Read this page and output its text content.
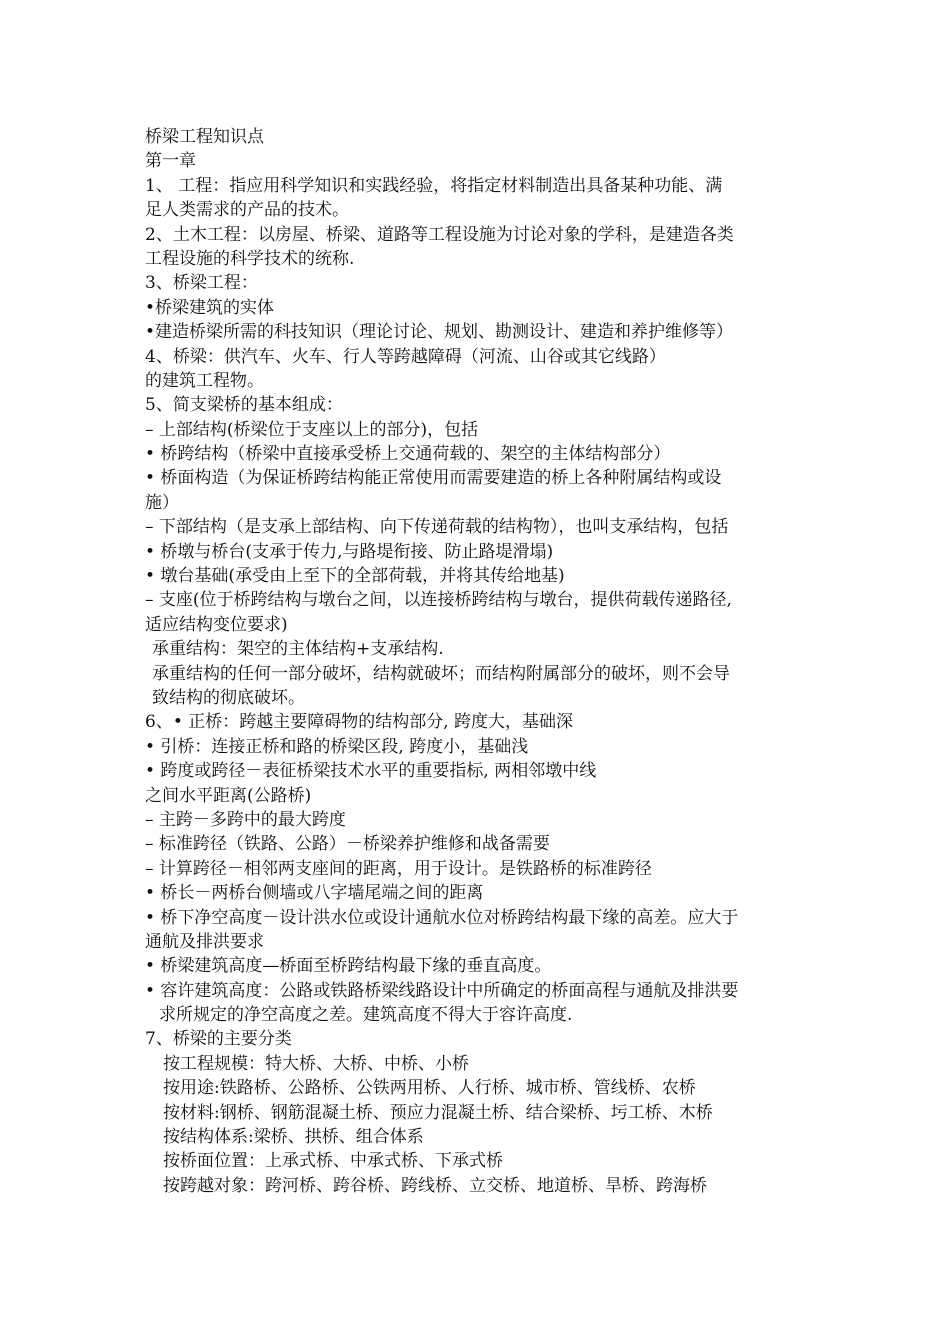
桥梁工程知识点
第一章
1、 工程：指应用科学知识和实践经验，将指定材料制造出具备某种功能、满
足人类需求的产品的技术。
2、土木工程：以房屋、桥梁、道路等工程设施为讨论对象的学科，是建造各类
工程设施的科学技术的统称.
3、桥梁工程：
•桥梁建筑的实体
•建造桥梁所需的科技知识（理论讨论、规划、勘测设计、建造和养护维修等）
4、桥梁：供汽车、火车、行人等跨越障碍（河流、山谷或其它线路）
的建筑工程物。
5、简支梁桥的基本组成：
– 上部结构(桥梁位于支座以上的部分)，包括
• 桥跨结构（桥梁中直接承受桥上交通荷载的、架空的主体结构部分）
• 桥面构造（为保证桥跨结构能正常使用而需要建造的桥上各种附属结构或设
施）
– 下部结构（是支承上部结构、向下传递荷载的结构物），也叫支承结构，包括
• 桥墩与桥台(支承于传力,与路堤衔接、防止路堤滑塌)
• 墩台基础(承受由上至下的全部荷载，并将其传给地基)
– 支座(位于桥跨结构与墩台之间，以连接桥跨结构与墩台，提供荷载传递路径,
适应结构变位要求)
承重结构：架空的主体结构+支承结构.
承重结构的任何一部分破坏，结构就破坏；而结构附属部分的破坏，则不会导
致结构的彻底破坏。
6、• 正桥：跨越主要障碍物的结构部分, 跨度大，基础深
• 引桥：连接正桥和路的桥梁区段, 跨度小，基础浅
• 跨度或跨径－表征桥梁技术水平的重要指标, 两相邻墩中线
之间水平距离(公路桥)
– 主跨－多跨中的最大跨度
– 标准跨径（铁路、公路）－桥梁养护维修和战备需要
– 计算跨径－相邻两支座间的距离，用于设计。是铁路桥的标准跨径
• 桥长－两桥台侧墙或八字墙尾端之间的距离
• 桥下净空高度－设计洪水位或设计通航水位对桥跨结构最下缘的高差。应大于
通航及排洪要求
• 桥梁建筑高度—桥面至桥跨结构最下缘的垂直高度。
• 容许建筑高度：公路或铁路桥梁线路设计中所确定的桥面高程与通航及排洪要
求所规定的净空高度之差。建筑高度不得大于容许高度.
7、桥梁的主要分类
按工程规模：特大桥、大桥、中桥、小桥
按用途:铁路桥、公路桥、公铁两用桥、人行桥、城市桥、管线桥、农桥
按材料:钢桥、钢筋混凝土桥、预应力混凝土桥、结合梁桥、圬工桥、木桥
按结构体系:梁桥、拱桥、组合体系
按桥面位置：上承式桥、中承式桥、下承式桥
按跨越对象：跨河桥、跨谷桥、跨线桥、立交桥、地道桥、旱桥、跨海桥
